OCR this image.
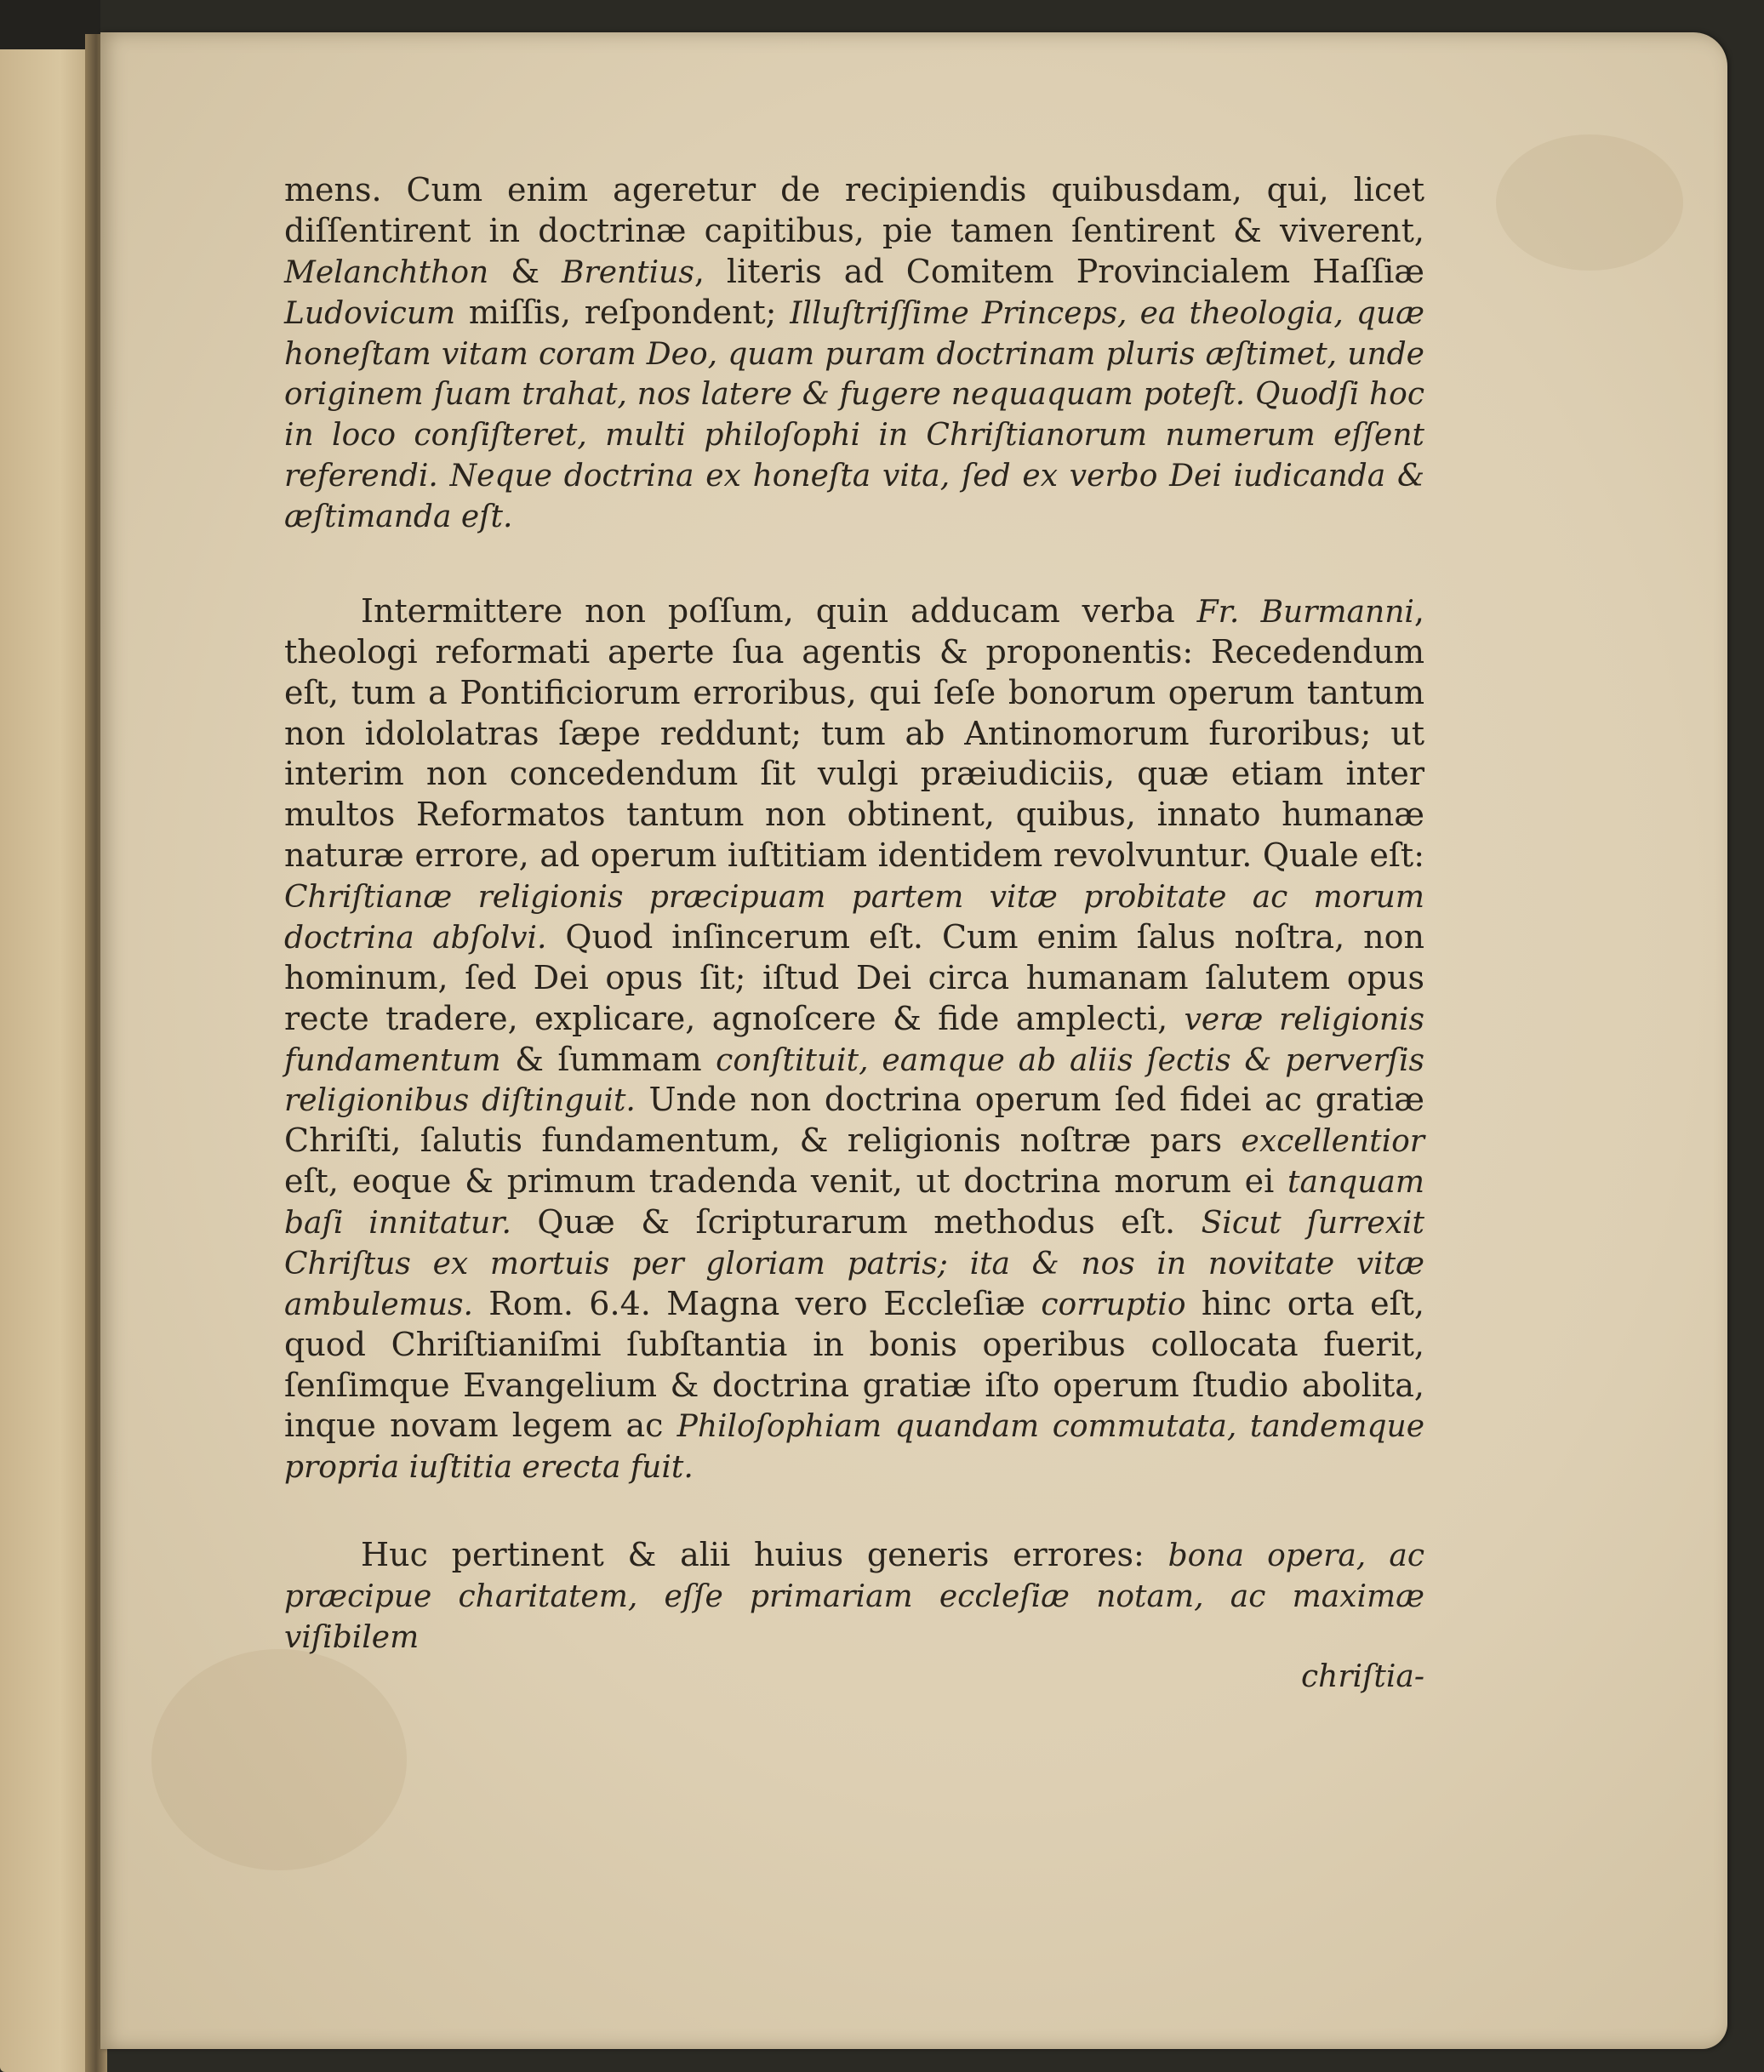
mens. Cum enim ageretur de recipiendis quibusdam, qui, licet diſſentirent in doctrinæ capitibus, pie tamen ſentirent & viverent, Melanchthon & Brentius, literis ad Comitem Provincialem Haſſiæ Ludovicum miſſis, reſpondent; Illuſtriſſime Princeps, ea theologia, quæ honeſtam vitam coram Deo, quam puram doctrinam pluris æſtimet, unde originem ſuam trahat, nos latere & fugere nequaquam poteſt. Quodſi hoc in loco conſiſteret, multi philoſophi in Chriſtianorum numerum eſſent referendi. Neque doctrina ex honeſta vita, ſed ex verbo Dei iudicanda & æſtimanda eſt.

Intermittere non poſſum, quin adducam verba Fr. Burmanni, theologi reformati aperte ſua agentis & proponentis: Recedendum eſt, tum a Pontificiorum erroribus, qui ſeſe bonorum operum tantum non idololatras ſæpe reddunt; tum ab Antinomorum furoribus; ut interim non concedendum ſit vulgi præiudiciis, quæ etiam inter multos Reformatos tantum non obtinent, quibus, innato humanæ naturæ errore, ad operum iuſtitiam identidem revolvuntur. Quale eſt: Chriſtianæ religionis præcipuam partem vitæ probitate ac morum doctrina abſolvi. Quod inſincerum eſt. Cum enim ſalus noſtra, non hominum, ſed Dei opus ſit; iſtud Dei circa humanam ſalutem opus recte tradere, explicare, agnoſcere & fide amplecti, veræ religionis fundamentum & ſummam conſtituit, eamque ab aliis ſectis & perverſis religionibus diſtinguit. Unde non doctrina operum ſed fidei ac gratiæ Chriſti, ſalutis fundamentum, & religionis noſtræ pars excellentior eſt, eoque & primum tradenda venit, ut doctrina morum ei tanquam baſi innitatur. Quæ & ſcripturarum methodus eſt. Sicut ſurrexit Chriſtus ex mortuis per gloriam patris; ita & nos in novitate vitæ ambulemus. Rom. 6.4. Magna vero Eccleſiæ corruptio hinc orta eſt, quod Chriſtianiſmi ſubſtantia in bonis operibus collocata fuerit, ſenſimque Evangelium & doctrina gratiæ iſto operum ſtudio abolita, inque novam legem ac Philoſophiam quandam commutata, tandemque propria iuſtitia erecta fuit.

Huc pertinent & alii huius generis errores: bona opera, ac præcipue charitatem, eſſe primariam eccleſiæ notam, ac maximæ viſibilem

chriſtia-
